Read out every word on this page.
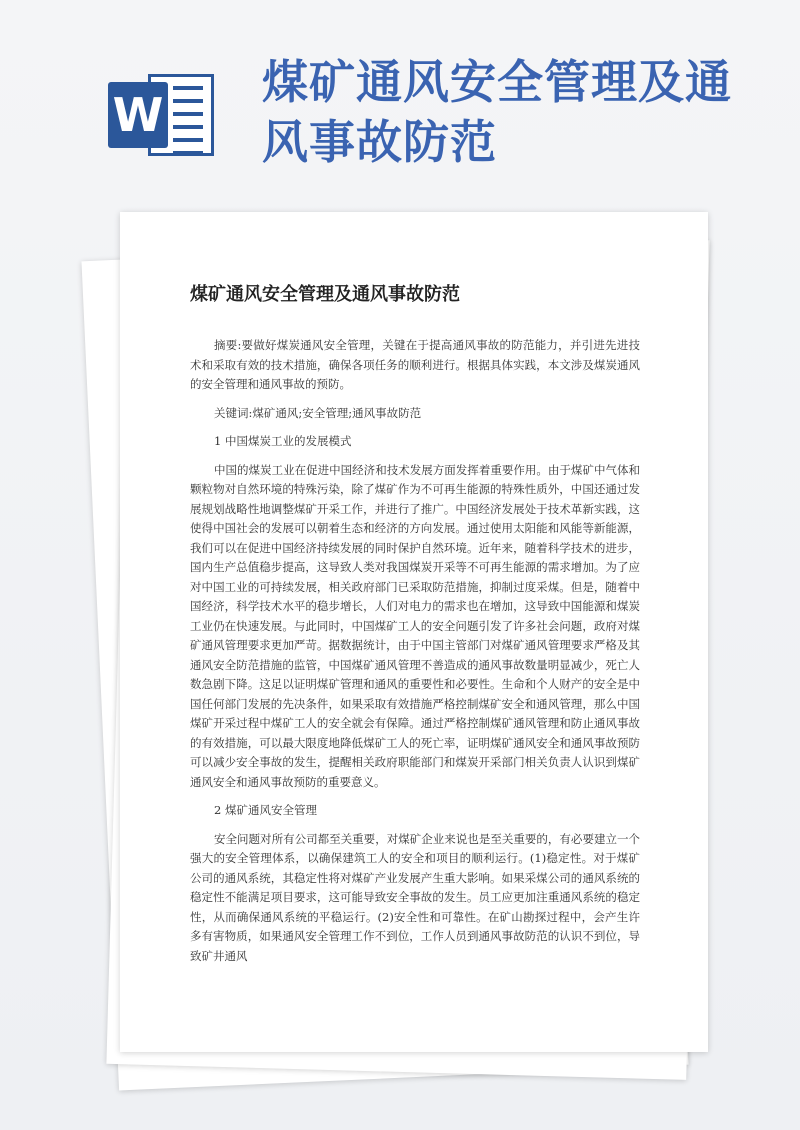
W
煤矿通风安全管理及通风事故防范
煤矿通风安全管理及通风事故防范

摘要:要做好煤炭通风安全管理，关键在于提高通风事故的防范能力，并引进先进技术和采取有效的技术措施，确保各项任务的顺利进行。根据具体实践，本文涉及煤炭通风的安全管理和通风事故的预防。

关键词:煤矿通风;安全管理;通风事故防范

1 中国煤炭工业的发展模式

中国的煤炭工业在促进中国经济和技术发展方面发挥着重要作用。由于煤矿中气体和颗粒物对自然环境的特殊污染，除了煤矿作为不可再生能源的特殊性质外，中国还通过发展规划战略性地调整煤矿开采工作，并进行了推广。中国经济发展处于技术革新实践，这使得中国社会的发展可以朝着生态和经济的方向发展。通过使用太阳能和风能等新能源，我们可以在促进中国经济持续发展的同时保护自然环境。近年来，随着科学技术的进步，国内生产总值稳步提高，这导致人类对我国煤炭开采等不可再生能源的需求增加。为了应对中国工业的可持续发展，相关政府部门已采取防范措施，抑制过度采煤。但是，随着中国经济，科学技术水平的稳步增长，人们对电力的需求也在增加，这导致中国能源和煤炭工业仍在快速发展。与此同时，中国煤矿工人的安全问题引发了许多社会问题，政府对煤矿通风管理要求更加严苛。据数据统计，由于中国主管部门对煤矿通风管理要求严格及其通风安全防范措施的监管，中国煤矿通风管理不善造成的通风事故数量明显减少，死亡人数急剧下降。这足以证明煤矿管理和通风的重要性和必要性。生命和个人财产的安全是中国任何部门发展的先决条件，如果采取有效措施严格控制煤矿安全和通风管理，那么中国煤矿开采过程中煤矿工人的安全就会有保障。通过严格控制煤矿通风管理和防止通风事故的有效措施，可以最大限度地降低煤矿工人的死亡率，证明煤矿通风安全和通风事故预防可以减少安全事故的发生，提醒相关政府职能部门和煤炭开采部门相关负责人认识到煤矿通风安全和通风事故预防的重要意义。

2 煤矿通风安全管理

安全问题对所有公司都至关重要，对煤矿企业来说也是至关重要的，有必要建立一个强大的安全管理体系，以确保建筑工人的安全和项目的顺利运行。(1)稳定性。对于煤矿公司的通风系统，其稳定性将对煤矿产业发展产生重大影响。如果采煤公司的通风系统的稳定性不能满足项目要求，这可能导致安全事故的发生。员工应更加注重通风系统的稳定性，从而确保通风系统的平稳运行。(2)安全性和可靠性。在矿山勘探过程中，会产生许多有害物质，如果通风安全管理工作不到位，工作人员到通风事故防范的认识不到位，导致矿井通风
